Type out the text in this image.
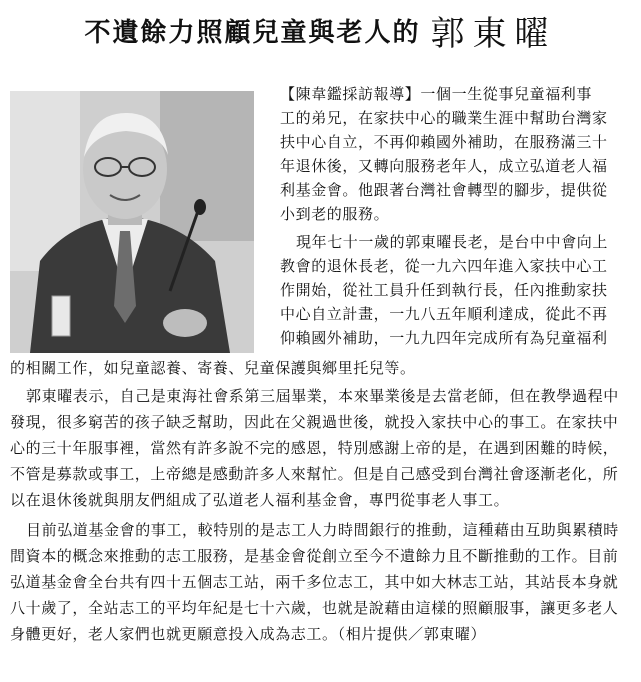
不遺餘力照顧兒童與老人的 郭東曜
【陳韋鑑採訪報導】一個一生從事兒童福利事
工的弟兄，在家扶中心的職業生涯中幫助台灣家
扶中心自立，不再仰賴國外補助，在服務滿三十
年退休後，又轉向服務老年人，成立弘道老人福
利基金會。他跟著台灣社會轉型的腳步，提供從
小到老的服務。
現年七十一歲的郭東曜長老，是台中中會向上
教會的退休長老，從一九六四年進入家扶中心工
作開始，從社工員升任到執行長，任內推動家扶
中心自立計畫，一九八五年順利達成，從此不再
仰賴國外補助，一九九四年完成所有為兒童福利
的相關工作，如兒童認養、寄養、兒童保護與鄉里托兒等。
郭東曜表示，自己是東海社會系第三屆畢業，本來畢業後是去當老師，但在教學過程中
發現，很多窮苦的孩子缺乏幫助，因此在父親過世後，就投入家扶中心的事工。在家扶中
心的三十年服事裡，當然有許多說不完的感恩，特別感謝上帝的是，在遇到困難的時候，
不管是募款或事工，上帝總是感動許多人來幫忙。但是自己感受到台灣社會逐漸老化，所
以在退休後就與朋友們組成了弘道老人福利基金會，專門從事老人事工。
目前弘道基金會的事工，較特別的是志工人力時間銀行的推動，這種藉由互助與累積時
間資本的概念來推動的志工服務，是基金會從創立至今不遺餘力且不斷推動的工作。目前
弘道基金會全台共有四十五個志工站，兩千多位志工，其中如大林志工站，其站長本身就
八十歲了，全站志工的平均年紀是七十六歲，也就是說藉由這樣的照顧服事，讓更多老人
身體更好，老人家們也就更願意投入成為志工。（相片提供／郭東曜）
